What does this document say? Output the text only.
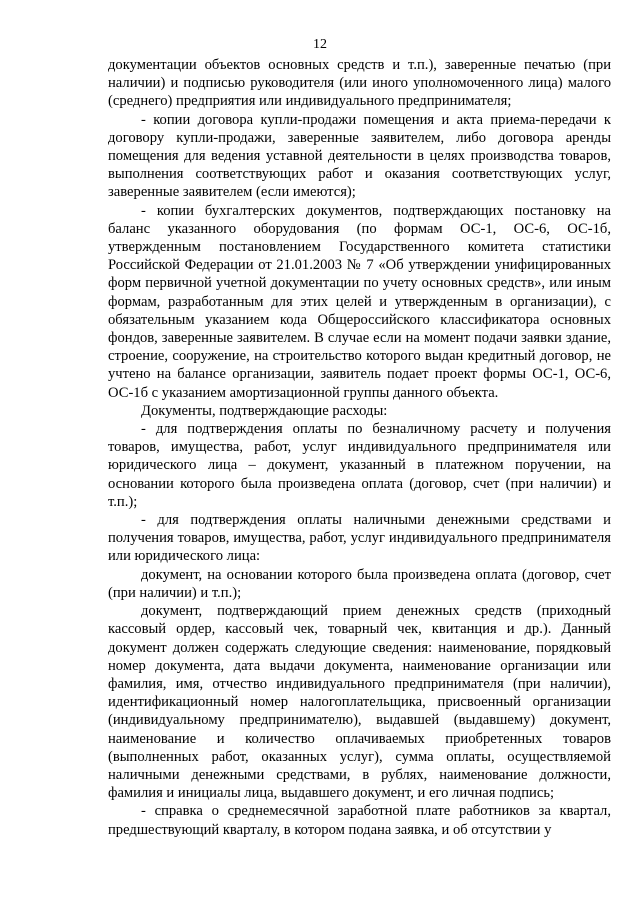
12

документации объектов основных средств и т.п.), заверенные печатью (при наличии) и подписью руководителя (или иного уполномоченного лица) малого (среднего) предприятия или индивидуального предпринимателя;

- копии договора купли-продажи помещения и акта приема-передачи к договору купли-продажи, заверенные заявителем, либо договора аренды помещения для ведения уставной деятельности в целях производства товаров, выполнения соответствующих работ и оказания соответствующих услуг, заверенные заявителем (если имеются);

- копии бухгалтерских документов, подтверждающих постановку на баланс указанного оборудования (по формам ОС-1, ОС-6, ОС-1б, утвержденным постановлением Государственного комитета статистики Российской Федерации от 21.01.2003 № 7 «Об утверждении унифицированных форм первичной учетной документации по учету основных средств», или иным формам, разработанным для этих целей и утвержденным в организации), с обязательным указанием кода Общероссийского классификатора основных фондов, заверенные заявителем. В случае если на момент подачи заявки здание, строение, сооружение, на строительство которого выдан кредитный договор, не учтено на балансе организации, заявитель подает проект формы ОС-1, ОС-6, ОС-1б с указанием амортизационной группы данного объекта.

Документы, подтверждающие расходы:

- для подтверждения оплаты по безналичному расчету и получения товаров, имущества, работ, услуг индивидуального предпринимателя или юридического лица – документ, указанный в платежном поручении, на основании которого была произведена оплата (договор, счет (при наличии) и т.п.);

- для подтверждения оплаты наличными денежными средствами и получения товаров, имущества, работ, услуг индивидуального предпринимателя или юридического лица:

документ, на основании которого была произведена оплата (договор, счет (при наличии) и т.п.);

документ, подтверждающий прием денежных средств (приходный кассовый ордер, кассовый чек, товарный чек, квитанция и др.). Данный документ должен содержать следующие сведения: наименование, порядковый номер документа, дата выдачи документа, наименование организации или фамилия, имя, отчество индивидуального предпринимателя (при наличии), идентификационный номер налогоплательщика, присвоенный организации (индивидуальному предпринимателю), выдавшей (выдавшему) документ, наименование и количество оплачиваемых приобретенных товаров (выполненных работ, оказанных услуг), сумма оплаты, осуществляемой наличными денежными средствами, в рублях, наименование должности, фамилия и инициалы лица, выдавшего документ, и его личная подпись;

- справка о среднемесячной заработной плате работников за квартал, предшествующий кварталу, в котором подана заявка, и об отсутствии у
